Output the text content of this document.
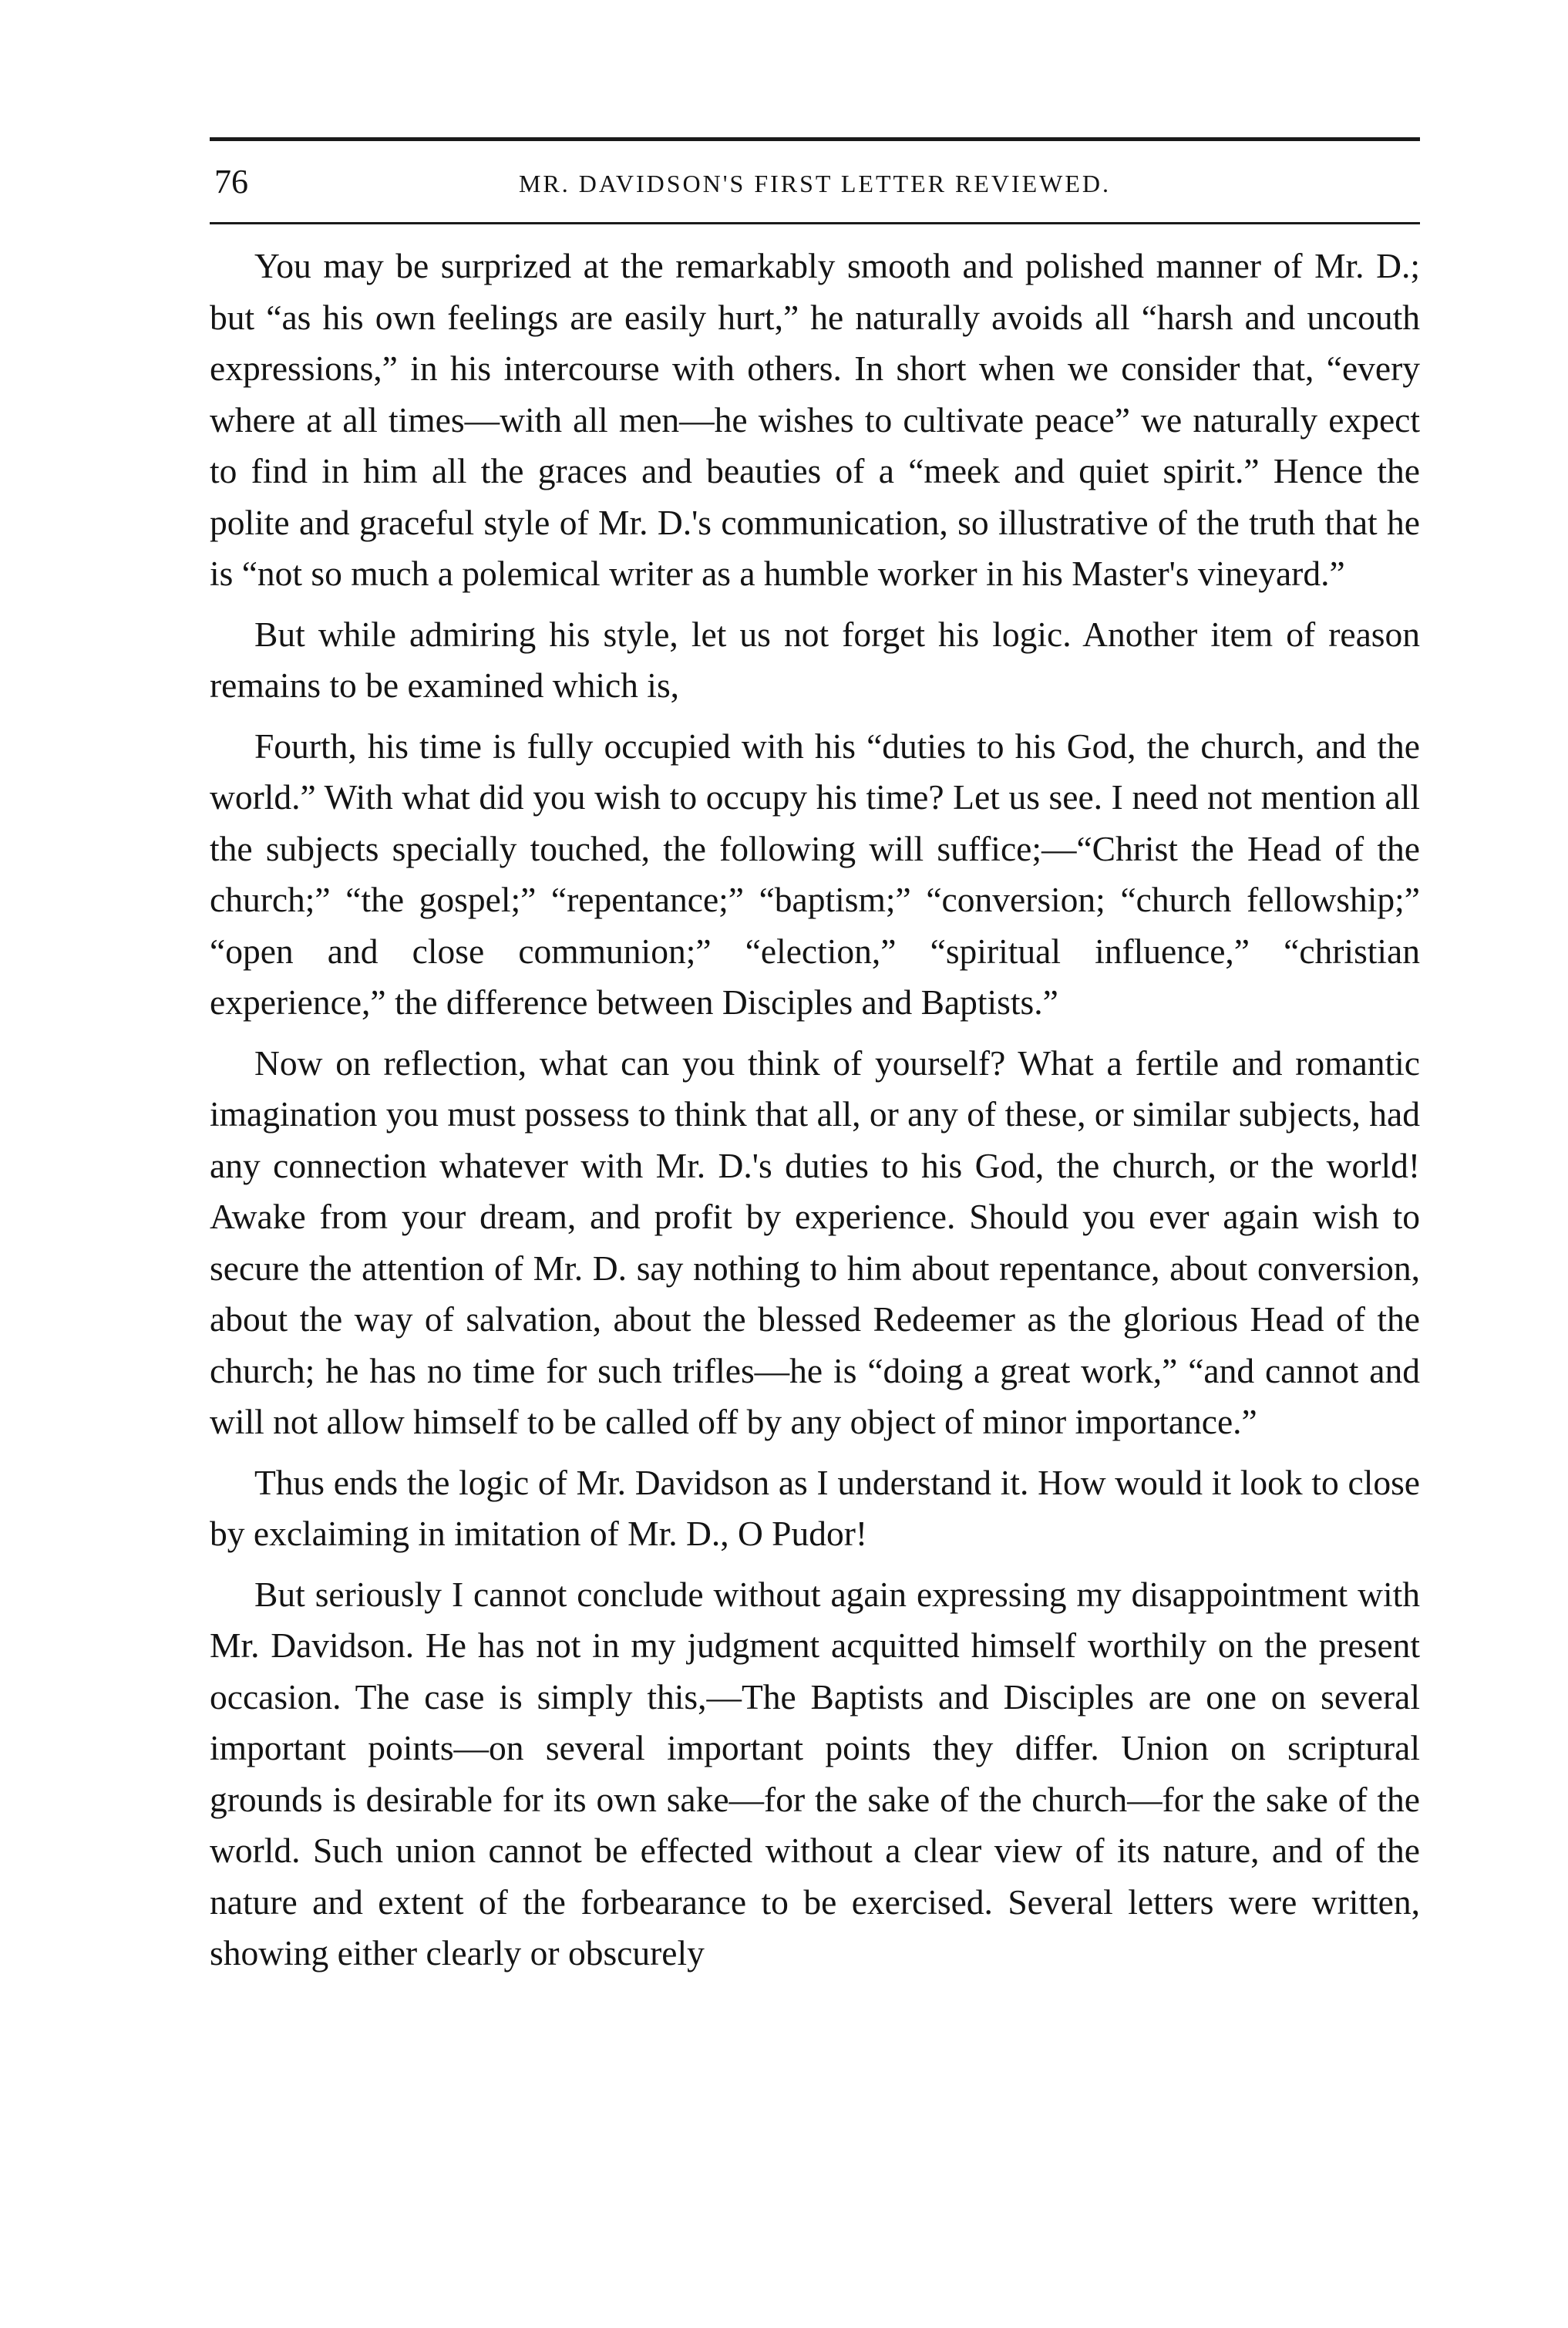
76	MR. DAVIDSON'S FIRST LETTER REVIEWED.

You may be surprized at the remarkably smooth and polished manner of Mr. D.; but “as his own feelings are easily hurt,” he naturally avoids all “harsh and uncouth expressions,” in his intercourse with others. In short when we consider that, “every where at all times—with all men—he wishes to cultivate peace” we naturally expect to find in him all the graces and beauties of a “meek and quiet spirit.” Hence the polite and graceful style of Mr. D.'s communication, so illustrative of the truth that he is “not so much a polemical writer as a humble worker in his Master's vineyard.”

But while admiring his style, let us not forget his logic. Another item of reason remains to be examined which is,

Fourth, his time is fully occupied with his “duties to his God, the church, and the world.” With what did you wish to occupy his time? Let us see. I need not mention all the subjects specially touched, the following will suffice;—“Christ the Head of the church;” “the gospel;” “repentance;” “baptism;” “conversion; “church fellowship;” “open and close communion;” “election,” “spiritual influence,” “christian experience,” the difference between Disciples and Baptists.”

Now on reflection, what can you think of yourself? What a fertile and romantic imagination you must possess to think that all, or any of these, or similar subjects, had any connection whatever with Mr. D.'s duties to his God, the church, or the world! Awake from your dream, and profit by experience. Should you ever again wish to secure the attention of Mr. D. say nothing to him about repentance, about conversion, about the way of salvation, about the blessed Redeemer as the glorious Head of the church; he has no time for such trifles—he is “doing a great work,” “and cannot and will not allow himself to be called off by any object of minor importance.”

Thus ends the logic of Mr. Davidson as I understand it. How would it look to close by exclaiming in imitation of Mr. D., O Pudor!

But seriously I cannot conclude without again expressing my disappointment with Mr. Davidson. He has not in my judgment acquitted himself worthily on the present occasion. The case is simply this,—The Baptists and Disciples are one on several important points—on several important points they differ. Union on scriptural grounds is desirable for its own sake—for the sake of the church—for the sake of the world. Such union cannot be effected without a clear view of its nature, and of the nature and extent of the forbearance to be exercised. Several letters were written, showing either clearly or obscurely
